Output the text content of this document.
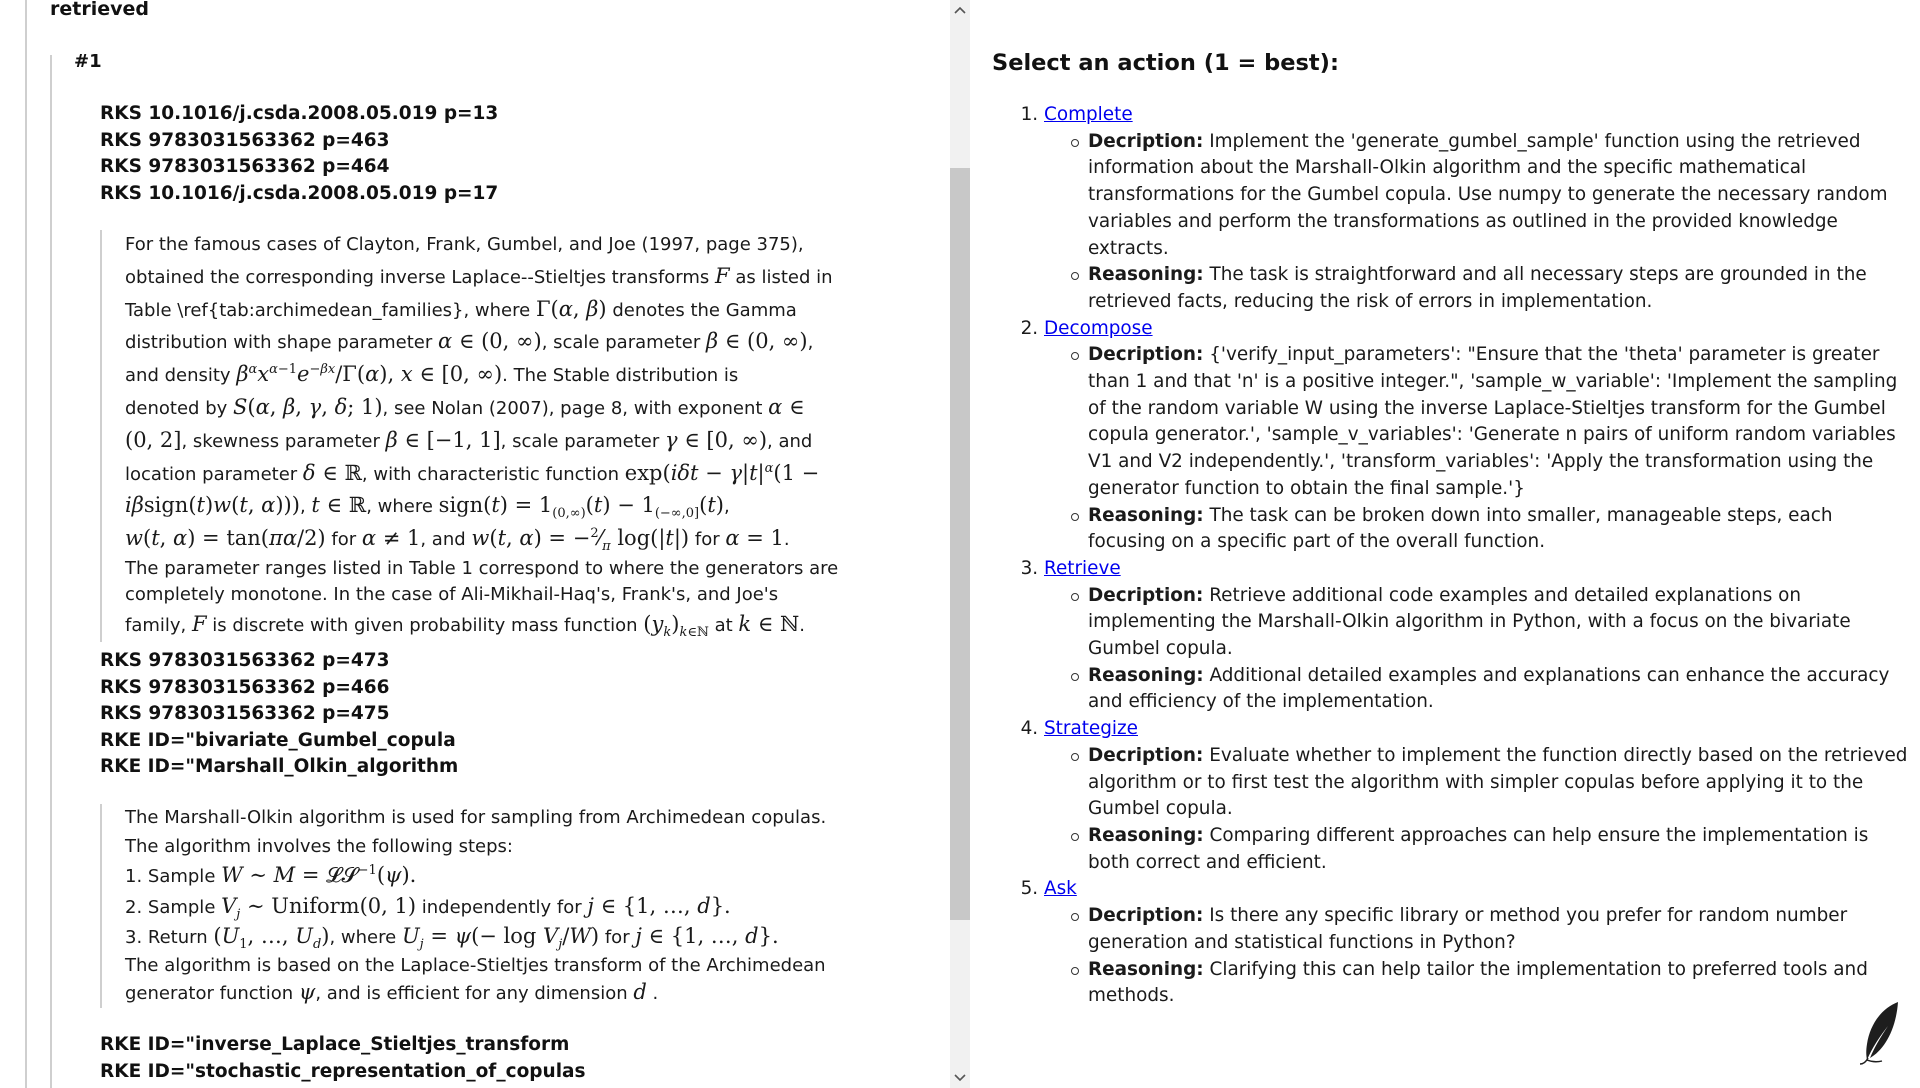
retrieved
#1
RKS 10.1016/j.csda.2008.05.019 p=13
RKS 9783031563362 p=463
RKS 9783031563362 p=464
RKS 10.1016/j.csda.2008.05.019 p=17
For the famous cases of Clayton, Frank, Gumbel, and Joe (1997, page 375),
obtained the corresponding inverse Laplace--Stieltjes transforms F as listed in
Table \ref{tab:archimedean_families}, where Γ(α, β) denotes the Gamma
distribution with shape parameter α ∈ (0, ∞), scale parameter β ∈ (0, ∞),
and density $\beta^\alpha x^{\alpha-1}e^{-\beta x}/\Gamma(\alpha)$, x ∈ [0, ∞). The Stable distribution is
denoted by S(α, β, γ, δ; 1), see Nolan (2007), page 8, with exponent α ∈
(0, 2], skewness parameter β ∈ [−1, 1], scale parameter γ ∈ [0, ∞), and
location parameter δ ∈ ℝ, with characteristic function $\exp(i\delta t - \gamma|t|^\alpha(1$ −
iβsign(t)w(t, α))), t ∈ ℝ, where sign(t) = $1_{(0,\infty)}(t) - 1_{(-\infty,0]}(t)$,
w(t, α) = tan(πα/2) for α ≠ 1, and w(t, $\alpha) = -^2⁄_\pi$ log(|t|) for α = 1.
The parameter ranges listed in Table 1 correspond to where the generators are
completely monotone. In the case of Ali-Mikhail-Haq's, Frank's, and Joe's
family, F is discrete with given probability mass function $(y_k)_{k\in ℕ}$ at k ∈ ℕ.
RKS 9783031563362 p=473
RKS 9783031563362 p=466
RKS 9783031563362 p=475
RKE ID="bivariate_Gumbel_copula
RKE ID="Marshall_Olkin_algorithm
The Marshall-Olkin algorithm is used for sampling from Archimedean copulas.
The algorithm involves the following steps:
1. Sample W ∼ M = 𝓛𝓢$^{-1}$(ψ).
2. Sample $V_j$ ∼ Uniform(0, 1) independently for j ∈ {1, …, d}.
3. Return ($U_1$, …, $U_d$), where $U_j = \psi(- \log V_j/W)$ for j ∈ {1, …, d}.
The algorithm is based on the Laplace-Stieltjes transform of the Archimedean
generator function ψ, and is efficient for any dimension d .
RKE ID="inverse_Laplace_Stieltjes_transform
RKE ID="stochastic_representation_of_copulas
Select an action (1 = best):
1. Complete
Decription: Implement the 'generate_gumbel_sample' function using the retrieved information about the Marshall-Olkin algorithm and the specific mathematical transformations for the Gumbel copula. Use numpy to generate the necessary random variables and perform the transformations as outlined in the provided knowledge extracts.
Reasoning: The task is straightforward and all necessary steps are grounded in the retrieved facts, reducing the risk of errors in implementation.
2. Decompose
Decription: {'verify_input_parameters': "Ensure that the 'theta' parameter is greater than 1 and that 'n' is a positive integer.", 'sample_w_variable': 'Implement the sampling of the random variable W using the inverse Laplace-Stieltjes transform for the Gumbel copula generator.', 'sample_v_variables': 'Generate n pairs of uniform random variables V1 and V2 independently.', 'transform_variables': 'Apply the transformation using the generator function to obtain the final sample.'}
Reasoning: The task can be broken down into smaller, manageable steps, each focusing on a specific part of the overall function.
3. Retrieve
Decription: Retrieve additional code examples and detailed explanations on implementing the Marshall-Olkin algorithm in Python, with a focus on the bivariate Gumbel copula.
Reasoning: Additional detailed examples and explanations can enhance the accuracy and efficiency of the implementation.
4. Strategize
Decription: Evaluate whether to implement the function directly based on the retrieved algorithm or to first test the algorithm with simpler copulas before applying it to the Gumbel copula.
Reasoning: Comparing different approaches can help ensure the implementation is both correct and efficient.
5. Ask
Decription: Is there any specific library or method you prefer for random number generation and statistical functions in Python?
Reasoning: Clarifying this can help tailor the implementation to preferred tools and methods.
